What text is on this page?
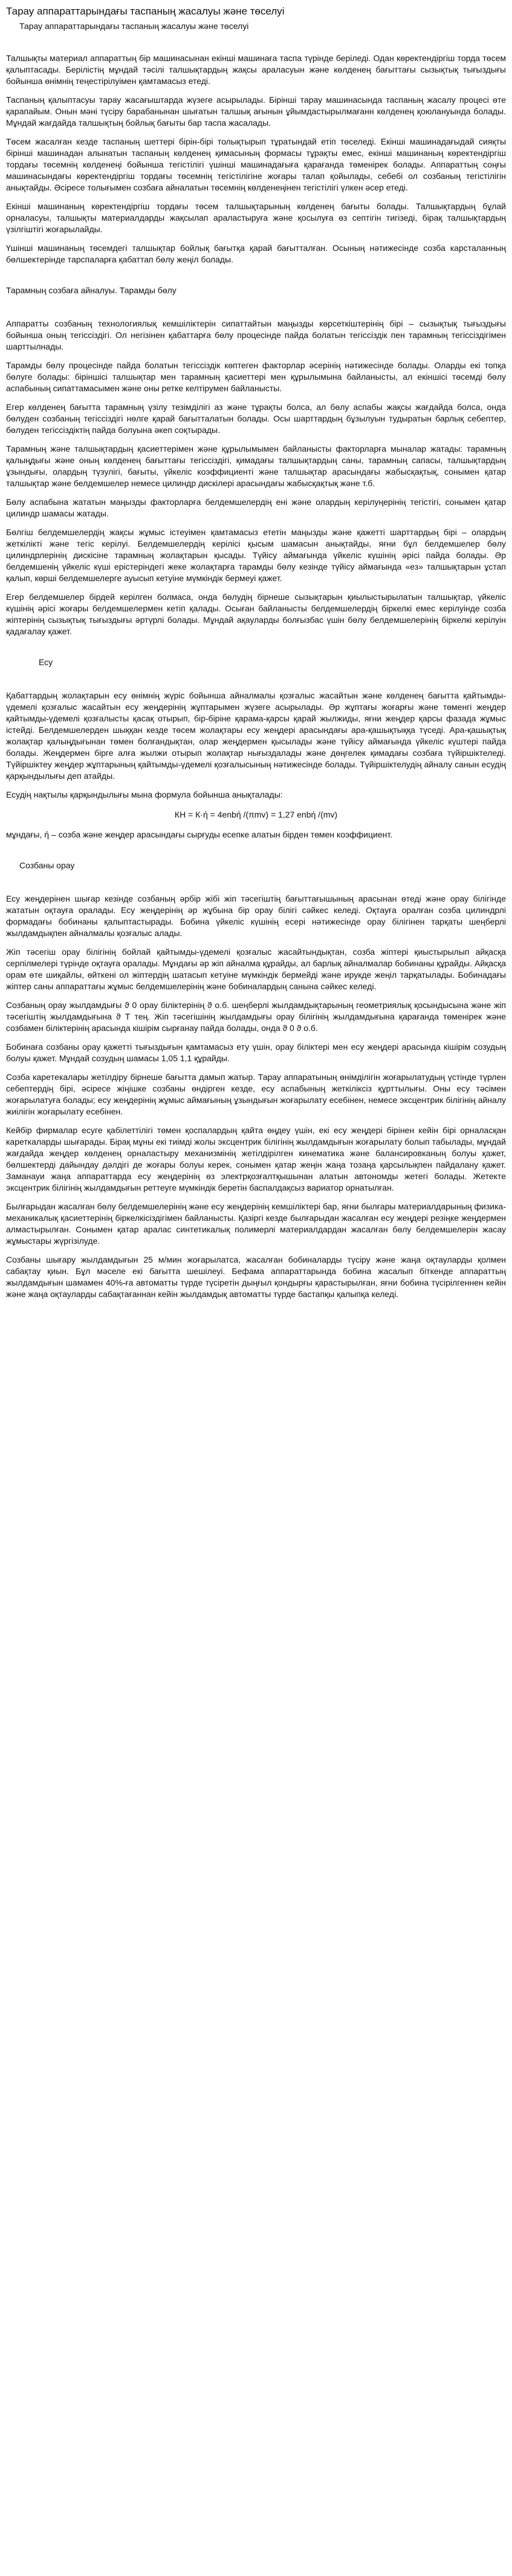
Тарау аппараттарындағы таспаның жасалуы және төселуі
Тарау аппараттарындағы таспаның жасалуы және төселуі

Талшықты материал аппараттың бір машинасынан екінші машинаға таспа түрінде беріледі. Одан көректендіргіш торда төсем қалыптасады. Берілістің мұндай тәсілі талшықтардың жақсы араласуын және көлденең бағыттағы сызықтық тығыздығы бойынша өнімнің теңестірілуімен қамтамасыз етеді.

Таспаның қалыптасуы тарау жасағыштарда жүзеге асырылады. Бірінші тарау машинасында таспаның жасалу процесі өте қарапайым. Онын мәні түсіру барабанынан шығатын талшық ағынын ұйымдастырылмағанн көлденең қоюлануында болады. Мұндай жағдайда талшықтың бойлық бағыты бар таспа жасалады.

Төсем жасалған кезде таспаның шеттері бірін-бірі толықтырып тұратындай етіп төселеді. Екінші машинадағыдай сияқты бірінші машинадан алынатын таспаның көлденең қимасының формасы тұрақты емес, екінші машинаның көректендіргіш тордағы төсемнің көлденеңі бойынша тегістілігі үшінші машинадағыға қарағанда төменірек болады. Аппараттың соңғы машинасындағы көректендіргіш тордағы төсемнің тегістілігіне жоғары талап қойылады, себебі ол созбаның тегістілігін анықтайды. Әсіресе толығымен созбаға айналатын төсемнің көлденеңінен тегістілігі үлкен әсер етеді.

Екінші машинаның көректендіргіш тордағы төсем талшықтарының көлденең бағыты болады. Талшықтардың бұлай орналасуы, талшықты материалдарды жақсылап араластыруға және қосылуға өз септігін тигізеді, бірақ талшықтардың үзілгіштігі жоғарылайды.

Үшінші машинаның төсемдегі талшықтар бойлық бағытқа қарай бағытталған. Осының нәтижесінде созба карсталанның бөлшектеріндe тарспаларға қабаттап бөлу жеңіл болады.

Тарамның созбаға айналуы. Тарамды бөлу

Аппаратты созбаның технологиялық кемшіліктерін сипаттайтын маңызды көрсеткіштерінің бірі – сызықтық тығыздығы бойынша оның тегіссіздігі. Ол негізінен қабаттарға бөлу процесінде пайда болатын тегіссіздік пен тарамның тегіссіздігімен шарттылнады.

Тарамды бөлу процесінде пайда болатын тегіссіздік көптеген факторлар әсерінің нәтижесінде болады. Оларды екі топқа бөлуге болады: біріншісі талшықтар мен тарамның қасиеттері мен құрылымына байланысты, ал екіншісі төсемді бөлу аспабының сипаттамасымен және оны ретке келтірумен байланысты.

Егер көлденең бағытта тарамның үзілу тезімділігі аз және тұрақты болса, ал бөлу аспабы жақсы жағдайда болса, онда бөлуден созбаның тегіссіздігі нөлге қарай бағытталатын болады. Осы шарттардың бұзылуын тудыратын барлық себептер, бөлуден тегіссіздіктің пайда болуына әкеп соқтырады.

Тарамның және талшықтардың қасиеттерімен және құрылымымен байланысты факторларға мыналар жатады: тарамның қалыңдығы және оның көлденең бағыттағы тегіссіздігі, қимадағы талшықтардың саны, тарамның сапасы, талшықтардың ұзындығы, олардың түзулігі, бағыты, үйкеліс коэффициенті және талшықтар арасындағы жабысқақтық, сонымен қатар талшықтар және белдемшелер немесе цилиндр дискілері арасындағы жабысқақтық және т.б.

Бөлу аспабына жататын маңызды факторларға белдемшелердің ені және олардың керілуңерінің тегістігі, сонымен қатар цилиндр шамасы жатады.

Бөлгіш белдемшелердің жақсы жұмыс істеуімен қамтамасыз ететін маңызды және қажетті шарттардың бірі – олардың жеткілікті және тегіс керілуі. Белдемшелердің керілісі қысым шамасын анықтайды, яғни бұл белдемшелер бөлу цилиндрлерінің дискісіне тарамның жолақтарын қысады. Түйісу аймағында үйкеліс күшінің әрісі пайда болады. Әр белдемшенің үйкеліс күші ерістеріндегі жеке жолақтарға тарамды бөлу кезінде түйісу аймағында «ез» талшықтарын ұстап қалып, көрші белдемшелерге ауысып кетуіне мүмкіндік бермеуі қажет.

Егер белдемшелер бірдей керілген болмаса, онда бөлудің бірнеше сызықтарын қиылыстырылатын талшықтар, үйкеліс күшінің әрісі жоғары белдемшелермен кетіп қалады. Осыған байланысты белдемшелердің біркелкі емес керілуінде созба жіптерінің сызықтық тығыздығы әртүрлі болады. Мұндай ақауларды болғызбас үшін бөлу белдемшелерінің біркелкі керілуін қадағалау қажет.

Есу

Қабаттардың жолақтарын есу өнімнің жүріс бойынша айналмалы қозғалыс жасайтын және көлденең бағытта қайтымды-үдемелі қозғалыс жасайтын есу жеңдерінің жұптарымен жүзеге асырылады. Әр жұптағы жоғарғы және төменгі жеңдер қайтымды-үдемелі қозғалысты қасақ отырып, бір-біріне қарама-қарсы қарай жылжиды, яғни жеңдер қарсы фазада жұмыс істейді. Белдемшелерден шыққан кезде төсем жолақтары есу жеңдері арасындағы ара-қашықтыққа түседі. Ара-қашықтық жолақтар қалыңдығынан төмен болғандықтан, олар жеңдермен қысылады және түйісу аймағында үйкеліс күштері пайда болады. Жеңдермен бірге алға жылжи отырып жолақтар нығыздалады және дөңгелек қимадағы созбаға түйіршіктеледі. Түйіршіктеу жеңдер жұптарының қайтымды-үдемелі қозғалысының нәтижесінде болады. Түйіршіктелудің айналу санын есудің қарқындылығы деп атайды.

Есудің нақтылы қарқындылығы мына формула бойынша анықталады:

КН = К·ή = 4еnbή /(πmv) = 1,27 еnbή /(mv)

мұндағы, ή – созба және жеңдер арасындағы сырғуды есепке алатын бірден төмен коэффициент.

Созбаны орау

Есу жеңдерінен шығар кезінде созбаның әрбір жібі жіп тәсегіштің бағыттағышының арасынан өтеді және орау білігінде жататын оқтауға оралады. Есу жеңдерінің әр жұбына бір орау білігі сәйкес келеді. Оқтауға оралған созба цилиндрлі формадағы бобинаны қалыптастырады. Бобина үйкеліс күшінің есері нәтижесінде орау білігінен тарқаты шеңберлі жылдамдықпен айналмалы қозғалыс алады.

Жіп тәсегіш орау білігінің бойлай қайтымды-үдемелі қозғалыс жасайтындықтан, созба жіптері қиыстырылып айқасқа серпілмелері түрінде оқтауға оралады. Мұндағы әр жіп айналма құрайды, ал барлық айналмалар бобинаны құрайды. Айқасқа орам өте шиқайлы, өйткені ол жіптердің шатасып кетуіне мүмкіндік бермейді және ирукде жеңіл тарқатылады. Бобинадағы жіптер саны аппараттағы жұмыс белдемшелерінің және бобиналардың санына сәйкес келеді.

Созбаның орау жылдамдығы ϑ 0 орау біліктерінің ϑ о.б. шеңберлі жылдамдықтарының геометриялық қосындысына және жіп тәсегіштің жылдамдығына ϑ Т тең. Жіп тәсегішінің жылдамдығы орау білігінің жылдамдығына қарағанда төменірек және созбамен біліктерінің арасында кішірім сырғанау пайда болады, онда ϑ 0 ϑ о.б.

Бобинаға созбаны орау қажетті тығыздығын қамтамасыз ету үшін, орау біліктері мен есу жеңдері арасында кішірім созудың болуы қажет. Мұндай созудың шамасы 1,05 1,1 құрайды.

Созба карeтекалары жетілдіру бірнеше бағытта дамып жатыр. Тарау аппаратының өнімділігін жоғарылатудың үстінде түрлен себептердің бірі, әсіресе жіңішке созбаны өндірген кезде, есу аспабының жеткіліксіз құрттылығы. Оны есу тәсімен жоғарылатуға болады; есу жеңдерінің жұмыс аймағының ұзындығын жоғарылату есебінен, немесе эксцентрик білігінің айналу жиілігін жоғарылату есебінен.

Кейбір фирмалар есуге қабілеттілігі төмен қоспалардың қайта өңдеу үшін, екі есу жеңдері бірінен кейін бірі орналасқан кареткаларды шығарады. Бірақ мұны екі тиімді жолы эксцентрик білігінің жылдамдығын жоғарылату болып табылады, мұндай жағдайда жеңдер көлденең орналастыру механизмінің жетілдірілген кинематика және балансировканың болуы қажет, бөлшектерді дайындау дәлдігі де жоғары болуы керек, сонымен қатар жеңін жаңа тозаңа қарсылықпен пайдалану қажет. Заманауи жаңа аппараттарда есу жеңдерінің өз электрқозғалтқышынан алатын автономды жетегі болады. Жетекте эксцентрик білігінің жылдамдығын реттеуге мүмкіндік беретін баспалдақсыз вариатор орнатылған.

Былғарыдан жасалған бөлу белдемшелерінің және есу жеңдерінің кемшіліктері бар, яғни былғары материалдарының физика-механикалық қасиеттерінің біркелкісіздігімен байланысты. Қазіргі кезде былғарыдан жасалған есу жеңдері резіңке жеңдермен алмастырылған. Сонымен қатар аралас синтетикалық полимерлі материалдардан жасалған бөлу белдемшелерін жасау жұмыстары жүргізілуде.

Созбаны шығару жылдамдығын 25 м/мин жоғарылатса, жасалған бобиналарды түсіру және жаңа оқтауларды қолмен сабақтау қиын. Бұл мәселе екі бағытта шешілеуі. Бефама аппараттарында бобина жасалып біткенде аппараттың жылдамдығын шамамен 40%-ға автоматты түрде түсіретін дыңғыл қондырғы қарастырылған, яғни бобина түсірілгеннен кейін және жаңа оқтауларды сабақтағаннан кейін жылдамдық автоматты түрде бастапқы қалыпқа келеді.
